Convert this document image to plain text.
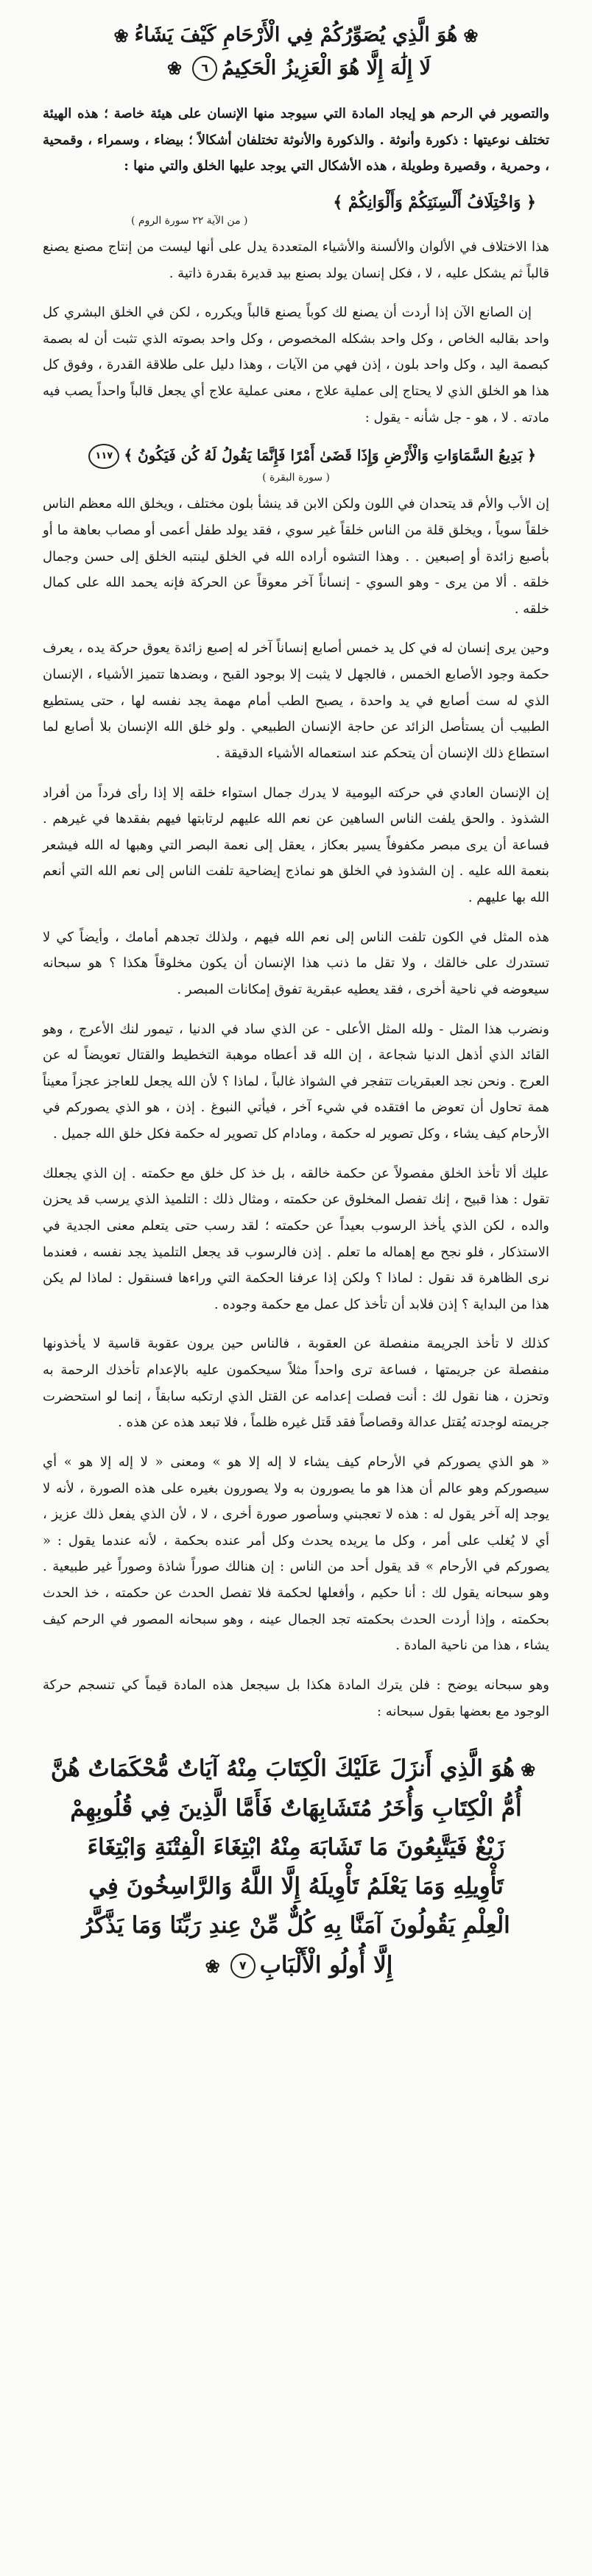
❀هُوَ الَّذِي يُصَوِّرُكُمْ فِي الْأَرْحَامِ كَيْفَ يَشَاءُ❀
لَا إِلَٰهَ إِلَّا هُوَ الْعَزِيزُ الْحَكِيمُ٦❀

والتصوير في الرحم هو إيجاد المادة التي سيوجد منها الإنسان على هيئة خاصة ؛ هذه الهيئة تختلف نوعيتها : ذكورة وأنوثة . والذكورة والأنوثة تختلفان أشكالاً ؛ بيضاء ، وسمراء ، وقمحية ، وحمرية ، وقصيرة وطويلة ، هذه الأشكال التي يوجد عليها الخلق والتي منها :

﴿ وَاخْتِلَافُ أَلْسِنَتِكُمْ وَأَلْوَانِكُمْ ﴾
( من الآية ٢٢ سورة الروم )

هذا الاختلاف في الألوان والألسنة والأشياء المتعددة يدل على أنها ليست من إنتاج مصنع يصنع قالباً ثم يشكل عليه ، لا ، فكل إنسان يولد بصنع بيد قديرة بقدرة ذاتية .

إن الصانع الآن إذا أردت أن يصنع لك كوباً يصنع قالباً ويكرره ، لكن في الخلق البشري كل واحد بقالبه الخاص ، وكل واحد بشكله المخصوص ، وكل واحد بصوته الذي تثبت أن له بصمة كبصمة اليد ، وكل واحد بلون ، إذن فهي من الآيات ، وهذا دليل على طلاقة القدرة ، وفوق كل هذا هو الخلق الذي لا يحتاج إلى عملية علاج ، معنى عملية علاج أي يجعل قالباً واحداً يصب فيه مادته . لا ، هو - جل شأنه - يقول :

﴿ بَدِيعُ السَّمَاوَاتِ وَالْأَرْضِ وَإِذَا قَضَىٰ أَمْرًا فَإِنَّمَا يَقُولُ لَهُ كُن فَيَكُونُ ﴾١١٧
( سورة البقرة )

إن الأب والأم قد يتحدان في اللون ولكن الابن قد ينشأ بلون مختلف ، ويخلق الله معظم الناس خلقاً سوياً ، ويخلق قلة من الناس خلقاً غير سوي ، فقد يولد طفل أعمى أو مصاب بعاهة ما أو بأصبع زائدة أو إصبعين . . وهذا التشوه أراده الله في الخلق لينتبه الخلق إلى حسن وجمال خلقه . ألا من يرى - وهو السوي - إنساناً آخر معوقاً عن الحركة فإنه يحمد الله على كمال خلقه .

وحين يرى إنسان له في كل يد خمس أصابع إنساناً آخر له إصبع زائدة يعوق حركة يده ، يعرف حكمة وجود الأصابع الخمس ، فالجهل لا يثبت إلا بوجود القبح ، وبضدها تتميز الأشياء ، الإنسان الذي له ست أصابع في يد واحدة ، يصبح الطب أمام مهمة يجد نفسه لها ، حتى يستطيع الطبيب أن يستأصل الزائد عن حاجة الإنسان الطبيعي . ولو خلق الله الإنسان بلا أصابع لما استطاع ذلك الإنسان أن يتحكم عند استعماله الأشياء الدقيقة .

إن الإنسان العادي في حركته اليومية لا يدرك جمال استواء خلقه إلا إذا رأى فرداً من أفراد الشذوذ . والحق يلفت الناس الساهين عن نعم الله عليهم لرتابتها فيهم بفقدها في غيرهم . فساعة أن يرى مبصر مكفوفاً يسير بعكاز ، يعقل إلى نعمة البصر التي وهبها له الله فيشعر بنعمة الله عليه . إن الشذوذ في الخلق هو نماذج إيضاحية تلفت الناس إلى نعم الله التي أنعم الله بها عليهم .

هذه المثل في الكون تلفت الناس إلى نعم الله فيهم ، ولذلك تجدهم أمامك ، وأيضاً كي لا تستدرك على خالقك ، ولا تقل ما ذنب هذا الإنسان أن يكون مخلوقاً هكذا ؟ هو سبحانه سيعوضه في ناحية أخرى ، فقد يعطيه عبقرية تفوق إمكانات المبصر .

ونضرب هذا المثل - ولله المثل الأعلى - عن الذي ساد في الدنيا ، تيمور لنك الأعرج ، وهو القائد الذي أذهل الدنيا شجاعة ، إن الله قد أعطاه موهبة التخطيط والقتال تعويضاً له عن العرج . ونحن نجد العبقريات تتفجر في الشواذ غالباً ، لماذا ؟ لأن الله يجعل للعاجز عجزاً معيناً همة تحاول أن تعوض ما افتقده في شيء آخر ، فيأتي النبوغ . إذن ، هو الذي يصوركم في الأرحام كيف يشاء ، وكل تصوير له حكمة ، ومادام كل تصوير له حكمة فكل خلق الله جميل .

عليك ألا تأخذ الخلق مفصولاً عن حكمة خالقه ، بل خذ كل خلق مع حكمته . إن الذي يجعلك تقول : هذا قبيح ، إنك تفصل المخلوق عن حكمته ، ومثال ذلك : التلميذ الذي يرسب قد يحزن والده ، لكن الذي يأخذ الرسوب بعيداً عن حكمته ؛ لقد رسب حتى يتعلم معنى الجدية في الاستذكار ، فلو نجح مع إهماله ما تعلم . إذن فالرسوب قد يجعل التلميذ يجد نفسه ، فعندما نرى الظاهرة قد نقول : لماذا ؟ ولكن إذا عرفنا الحكمة التي وراءها فسنقول : لماذا لم يكن هذا من البداية ؟ إذن فلابد أن تأخذ كل عمل مع حكمة وجوده .

كذلك لا تأخذ الجريمة منفصلة عن العقوبة ، فالناس حين يرون عقوبة قاسية لا يأخذونها منفصلة عن جريمتها ، فساعة ترى واحداً مثلاً سيحكمون عليه بالإعدام تأخذك الرحمة به وتحزن ، هنا نقول لك : أنت فصلت إعدامه عن القتل الذي ارتكبه سابقاً ، إنما لو استحضرت جريمته لوجدته يُقتل عدالة وقصاصاً فقد قَتل غيره ظلماً ، فلا تبعد هذه عن هذه .

« هو الذي يصوركم في الأرحام كيف يشاء لا إله إلا هو » ومعنى « لا إله إلا هو » أي سيصوركم وهو عالم أن هذا هو ما يصورون به ولا يصورون بغيره على هذه الصورة ، لأنه لا يوجد إله آخر يقول له : هذه لا تعجبني وسأصور صورة أخرى ، لا ، لأن الذي يفعل ذلك عزيز ، أي لا يُغلب على أمر ، وكل ما يريده يحدث وكل أمر عنده بحكمة ، لأنه عندما يقول : « يصوركم في الأرحام » قد يقول أحد من الناس : إن هنالك صوراً شاذة وصوراً غير طبيعية . وهو سبحانه يقول لك : أنا حكيم ، وأفعلها لحكمة فلا تفصل الحدث عن حكمته ، خذ الحدث بحكمته ، وإذا أردت الحدث بحكمته تجد الجمال عينه ، وهو سبحانه المصور في الرحم كيف يشاء ، هذا من ناحية المادة .

وهو سبحانه يوضح : فلن يترك المادة هكذا بل سيجعل هذه المادة قيماً كي تنسجم حركة الوجود مع بعضها بقول سبحانه :

❀هُوَ الَّذِي أَنزَلَ عَلَيْكَ الْكِتَابَ مِنْهُ آيَاتٌ مُّحْكَمَاتٌ هُنَّ
أُمُّ الْكِتَابِ وَأُخَرُ مُتَشَابِهَاتٌ فَأَمَّا الَّذِينَ فِي قُلُوبِهِمْ
زَيْغٌ فَيَتَّبِعُونَ مَا تَشَابَهَ مِنْهُ ابْتِغَاءَ الْفِتْنَةِ وَابْتِغَاءَ
تَأْوِيلِهِ وَمَا يَعْلَمُ تَأْوِيلَهُ إِلَّا اللَّهُ وَالرَّاسِخُونَ فِي
الْعِلْمِ يَقُولُونَ آمَنَّا بِهِ كُلٌّ مِّنْ عِندِ رَبِّنَا وَمَا يَذَّكَّرُ
إِلَّا أُولُو الْأَلْبَابِ٧❀
